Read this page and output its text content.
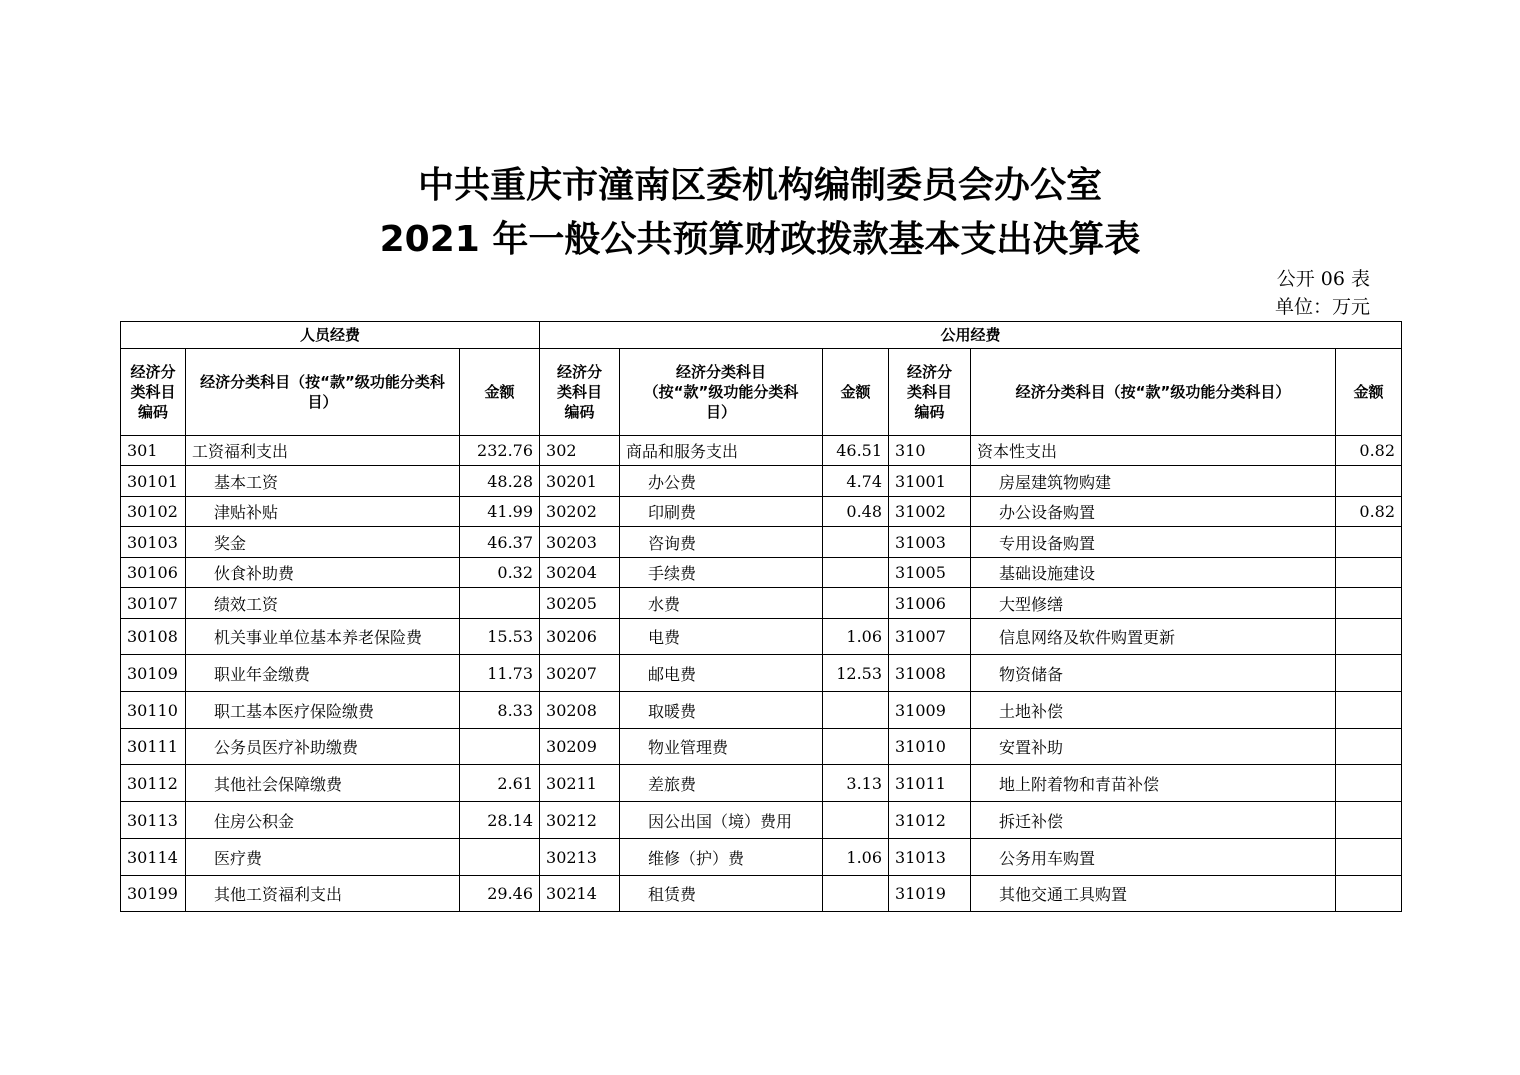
中共重庆市潼南区委机构编制委员会办公室
2021 年一般公共预算财政拨款基本支出决算表
公开 06 表
单位：万元
人员经费			公用经费					
经济分类科目编码	经济分类科目（按“款”级功能分类科目）	金额	经济分类科目编码	经济分类科目（按“款”级功能分类科目）	金额	经济分类科目编码	经济分类科目（按“款”级功能分类科目）	金额
301	工资福利支出	232.76	302	商品和服务支出	46.51	310	资本性支出	0.82
30101	基本工资	48.28	30201	办公费	4.74	31001	房屋建筑物购建	
30102	津贴补贴	41.99	30202	印刷费	0.48	31002	办公设备购置	0.82
30103	奖金	46.37	30203	咨询费		31003	专用设备购置	
30106	伙食补助费	0.32	30204	手续费		31005	基础设施建设	
30107	绩效工资		30205	水费		31006	大型修缮	
30108	机关事业单位基本养老保险费	15.53	30206	电费	1.06	31007	信息网络及软件购置更新	
30109	职业年金缴费	11.73	30207	邮电费	12.53	31008	物资储备	
30110	职工基本医疗保险缴费	8.33	30208	取暖费		31009	土地补偿	
30111	公务员医疗补助缴费		30209	物业管理费		31010	安置补助	
30112	其他社会保障缴费	2.61	30211	差旅费	3.13	31011	地上附着物和青苗补偿	
30113	住房公积金	28.14	30212	因公出国（境）费用		31012	拆迁补偿	
30114	医疗费		30213	维修（护）费	1.06	31013	公务用车购置	
30199	其他工资福利支出	29.46	30214	租赁费		31019	其他交通工具购置	
